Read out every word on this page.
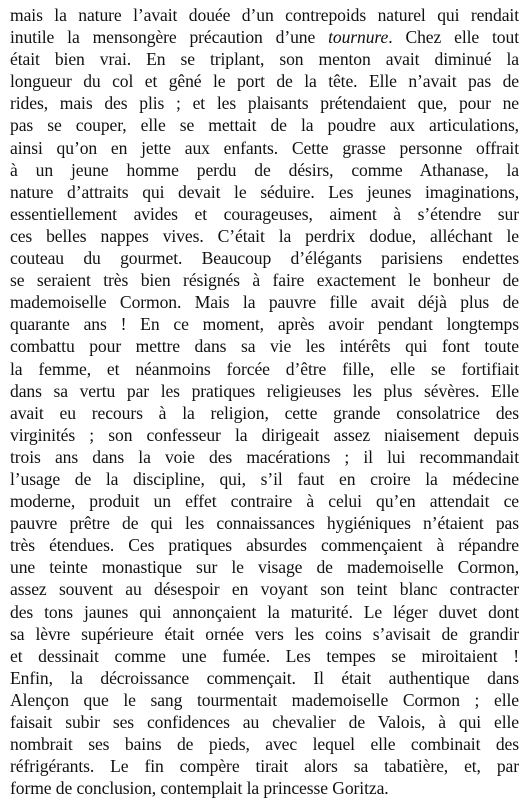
mais la nature l’avait douée d’un contrepoids naturel qui rendait
inutile la mensongère précaution d’une tournure. Chez elle tout
était bien vrai. En se triplant, son menton avait diminué la
longueur du col et gêné le port de la tête. Elle n’avait pas de
rides, mais des plis ; et les plaisants prétendaient que, pour ne
pas se couper, elle se mettait de la poudre aux articulations,
ainsi qu’on en jette aux enfants. Cette grasse personne offrait
à un jeune homme perdu de désirs, comme Athanase, la
nature d’attraits qui devait le séduire. Les jeunes imaginations,
essentiellement avides et courageuses, aiment à s’étendre sur
ces belles nappes vives. C’était la perdrix dodue, alléchant le
couteau du gourmet. Beaucoup d’élégants parisiens endettes
se seraient très bien résignés à faire exactement le bonheur de
mademoiselle Cormon. Mais la pauvre fille avait déjà plus de
quarante ans ! En ce moment, après avoir pendant longtemps
combattu pour mettre dans sa vie les intérêts qui font toute
la femme, et néanmoins forcée d’être fille, elle se fortifiait
dans sa vertu par les pratiques religieuses les plus sévères. Elle
avait eu recours à la religion, cette grande consolatrice des
virginités ; son confesseur la dirigeait assez niaisement depuis
trois ans dans la voie des macérations ; il lui recommandait
l’usage de la discipline, qui, s’il faut en croire la médecine
moderne, produit un effet contraire à celui qu’en attendait ce
pauvre prêtre de qui les connaissances hygiéniques n’étaient pas
très étendues. Ces pratiques absurdes commençaient à répandre
une teinte monastique sur le visage de mademoiselle Cormon,
assez souvent au désespoir en voyant son teint blanc contracter
des tons jaunes qui annonçaient la maturité. Le léger duvet dont
sa lèvre supérieure était ornée vers les coins s’avisait de grandir
et dessinait comme une fumée. Les tempes se miroitaient !
Enfin, la décroissance commençait. Il était authentique dans
Alençon que le sang tourmentait mademoiselle Cormon ; elle
faisait subir ses confidences au chevalier de Valois, à qui elle
nombrait ses bains de pieds, avec lequel elle combinait des
réfrigérants. Le fin compère tirait alors sa tabatière, et, par
forme de conclusion, contemplait la princesse Goritza.
